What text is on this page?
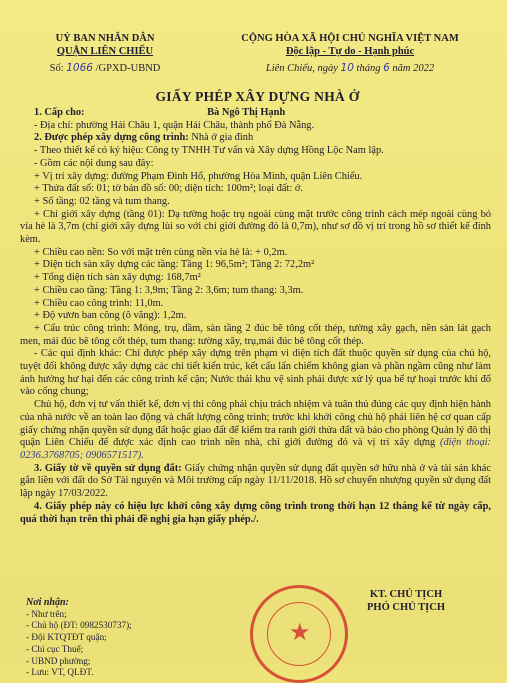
UỶ BAN NHÂN DÂN
QUẬN LIÊN CHIỂU
Số: 1066 /GPXD-UBND
CỘNG HÒA XÃ HỘI CHỦ NGHĨA VIỆT NAM
Độc lập - Tự do - Hạnh phúc
Liên Chiểu, ngày 10 tháng 6 năm 2022
GIẤY PHÉP XÂY DỰNG NHÀ Ở

1. Cấp cho:	Bà Ngô Thị Hạnh

- Địa chỉ: phường Hải Châu 1, quận Hải Châu, thành phố Đà Nẵng.

2. Được phép xây dựng công trình: Nhà ở gia đình

- Theo thiết kế có ký hiệu: Công ty TNHH Tư vấn và Xây dựng Hồng Lộc Nam lập.

- Gồm các nội dung sau đây:

+ Vị trí xây dựng: đường Phạm Đình Hổ, phường Hòa Minh, quận Liên Chiểu.

+ Thửa đất số: 01; tờ bản đồ số: 00; diện tích: 100m²; loại đất: ở.

+ Số tầng: 02 tầng và tum thang.

+ Chỉ giới xây dựng (tầng 01): Dạ tường hoặc trụ ngoài cùng mặt trước công trình cách mép ngoài cùng bó vỉa hè là 3,7m (chỉ giới xây dựng lùi so với chỉ giới đường đỏ là 0,7m), như sơ đồ vị trí trong hồ sơ thiết kế đính kèm.

+ Chiều cao nền: So với mặt trên cùng nền vỉa hè là: + 0,2m.

+ Diện tích sàn xây dựng các tầng: Tầng 1: 96,5m²; Tầng 2: 72,2m²

+ Tổng diện tích sàn xây dựng: 168,7m²

+ Chiều cao tầng: Tầng 1: 3,9m; Tầng 2: 3,6m; tum thang: 3,3m.

+ Chiều cao công trình: 11,0m.

+ Độ vươn ban công (ô văng): 1,2m.

+ Cấu trúc công trình: Móng, trụ, dầm, sàn tầng 2 đúc bê tông cốt thép, tường xây gạch, nền sàn lát gạch men, mái đúc bê tông cốt thép, tum thang: tường xây, trụ,mái đúc bê tông cốt thép.

- Các qui định khác: Chỉ được phép xây dựng trên phạm vi diện tích đất thuộc quyền sử dụng của chủ hộ, tuyệt đối không được xây dựng các chi tiết kiến trúc, kết cấu lấn chiếm không gian và phần ngầm cũng như làm ảnh hưởng hư hại đến các công trình kế cận; Nước thải khu vệ sinh phải được xử lý qua bể tự hoại trước khi đổ vào cống chung;

Chủ hộ, đơn vị tư vấn thiết kế, đơn vị thi công phải chịu trách nhiệm và tuân thủ đúng các quy định hiện hành của nhà nước về an toàn lao động và chất lượng công trình; trước khi khởi công chủ hộ phải liên hệ cơ quan cấp giấy chứng nhận quyền sử dụng đất hoặc giao đất để kiểm tra ranh giới thửa đất và báo cho phòng Quản lý đô thị quận Liên Chiểu để được xác định cao trình nền nhà, chỉ giới đường đỏ và vị trí xây dựng (điện thoại: 0236.3768705; 0906571517).

3. Giấy tờ về quyền sử dụng đất: Giấy chứng nhận quyền sử dụng đất quyền sở hữu nhà ở và tài sản khác gắn liền với đất do Sở Tài nguyên và Môi trường cấp ngày 11/11/2018. Hồ sơ chuyển nhượng quyền sử dụng đất lập ngày 17/03/2022.

4. Giấy phép này có hiệu lực khởi công xây dựng công trình trong thời hạn 12 tháng kể từ ngày cấp, quá thời hạn trên thì phải đề nghị gia hạn giấy phép./.

Nơi nhận:
- Như trên;
- Chủ hộ (ĐT: 0982530737);
- Đội KTQTĐT quận;
- Chi cục Thuế;
- UBND phường;
- Lưu: VT, QLĐT.
★
KT. CHỦ TỊCH
PHÓ CHỦ TỊCH
